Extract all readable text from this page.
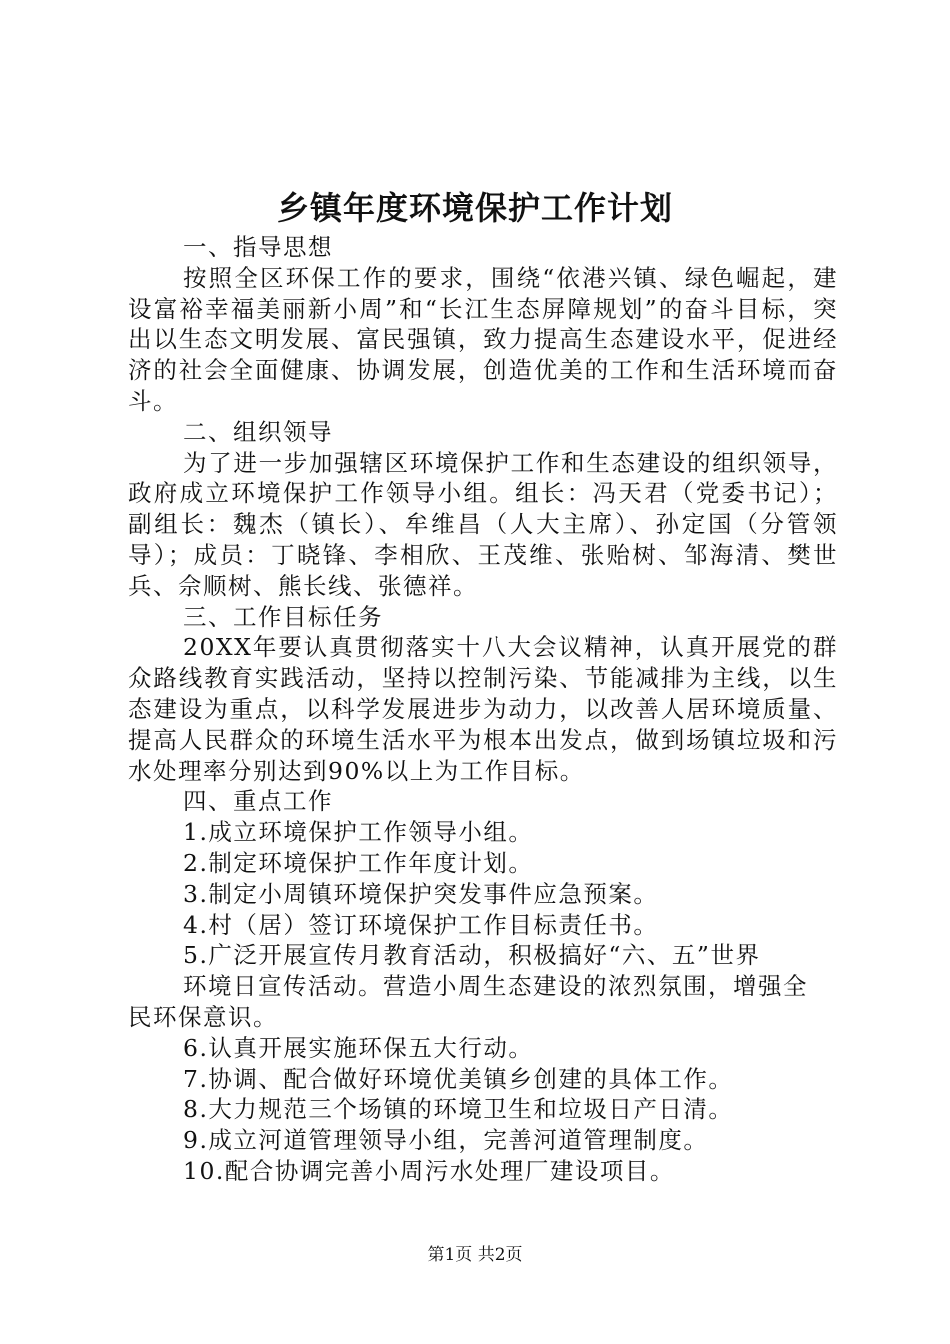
乡镇年度环境保护工作计划

一、指导思想

按照全区环保工作的要求，围绕“依港兴镇、绿色崛起，建设富裕幸福美丽新小周”和“长江生态屏障规划”的奋斗目标，突出以生态文明发展、富民强镇，致力提高生态建设水平，促进经济的社会全面健康、协调发展，创造优美的工作和生活环境而奋斗。

二、组织领导

为了进一步加强辖区环境保护工作和生态建设的组织领导，政府成立环境保护工作领导小组。组长：冯天君（党委书记）；副组长：魏杰（镇长）、牟维昌（人大主席）、孙定国（分管领导）；成员：丁晓锋、李相欣、王茂维、张贻树、邹海清、樊世兵、佘顺树、熊长线、张德祥。

三、工作目标任务

20XX年要认真贯彻落实十八大会议精神，认真开展党的群众路线教育实践活动，坚持以控制污染、节能减排为主线，以生态建设为重点，以科学发展进步为动力，以改善人居环境质量、提高人民群众的环境生活水平为根本出发点，做到场镇垃圾和污水处理率分别达到90%以上为工作目标。

四、重点工作

1.成立环境保护工作领导小组。

2.制定环境保护工作年度计划。

3.制定小周镇环境保护突发事件应急预案。

4.村（居）签订环境保护工作目标责任书。

5.广泛开展宣传月教育活动，积极搞好“六、五”世界

环境日宣传活动。营造小周生态建设的浓烈氛围，增强全

民环保意识。

6.认真开展实施环保五大行动。

7.协调、配合做好环境优美镇乡创建的具体工作。

8.大力规范三个场镇的环境卫生和垃圾日产日清。

9.成立河道管理领导小组，完善河道管理制度。

10.配合协调完善小周污水处理厂建设项目。

第1页 共2页
